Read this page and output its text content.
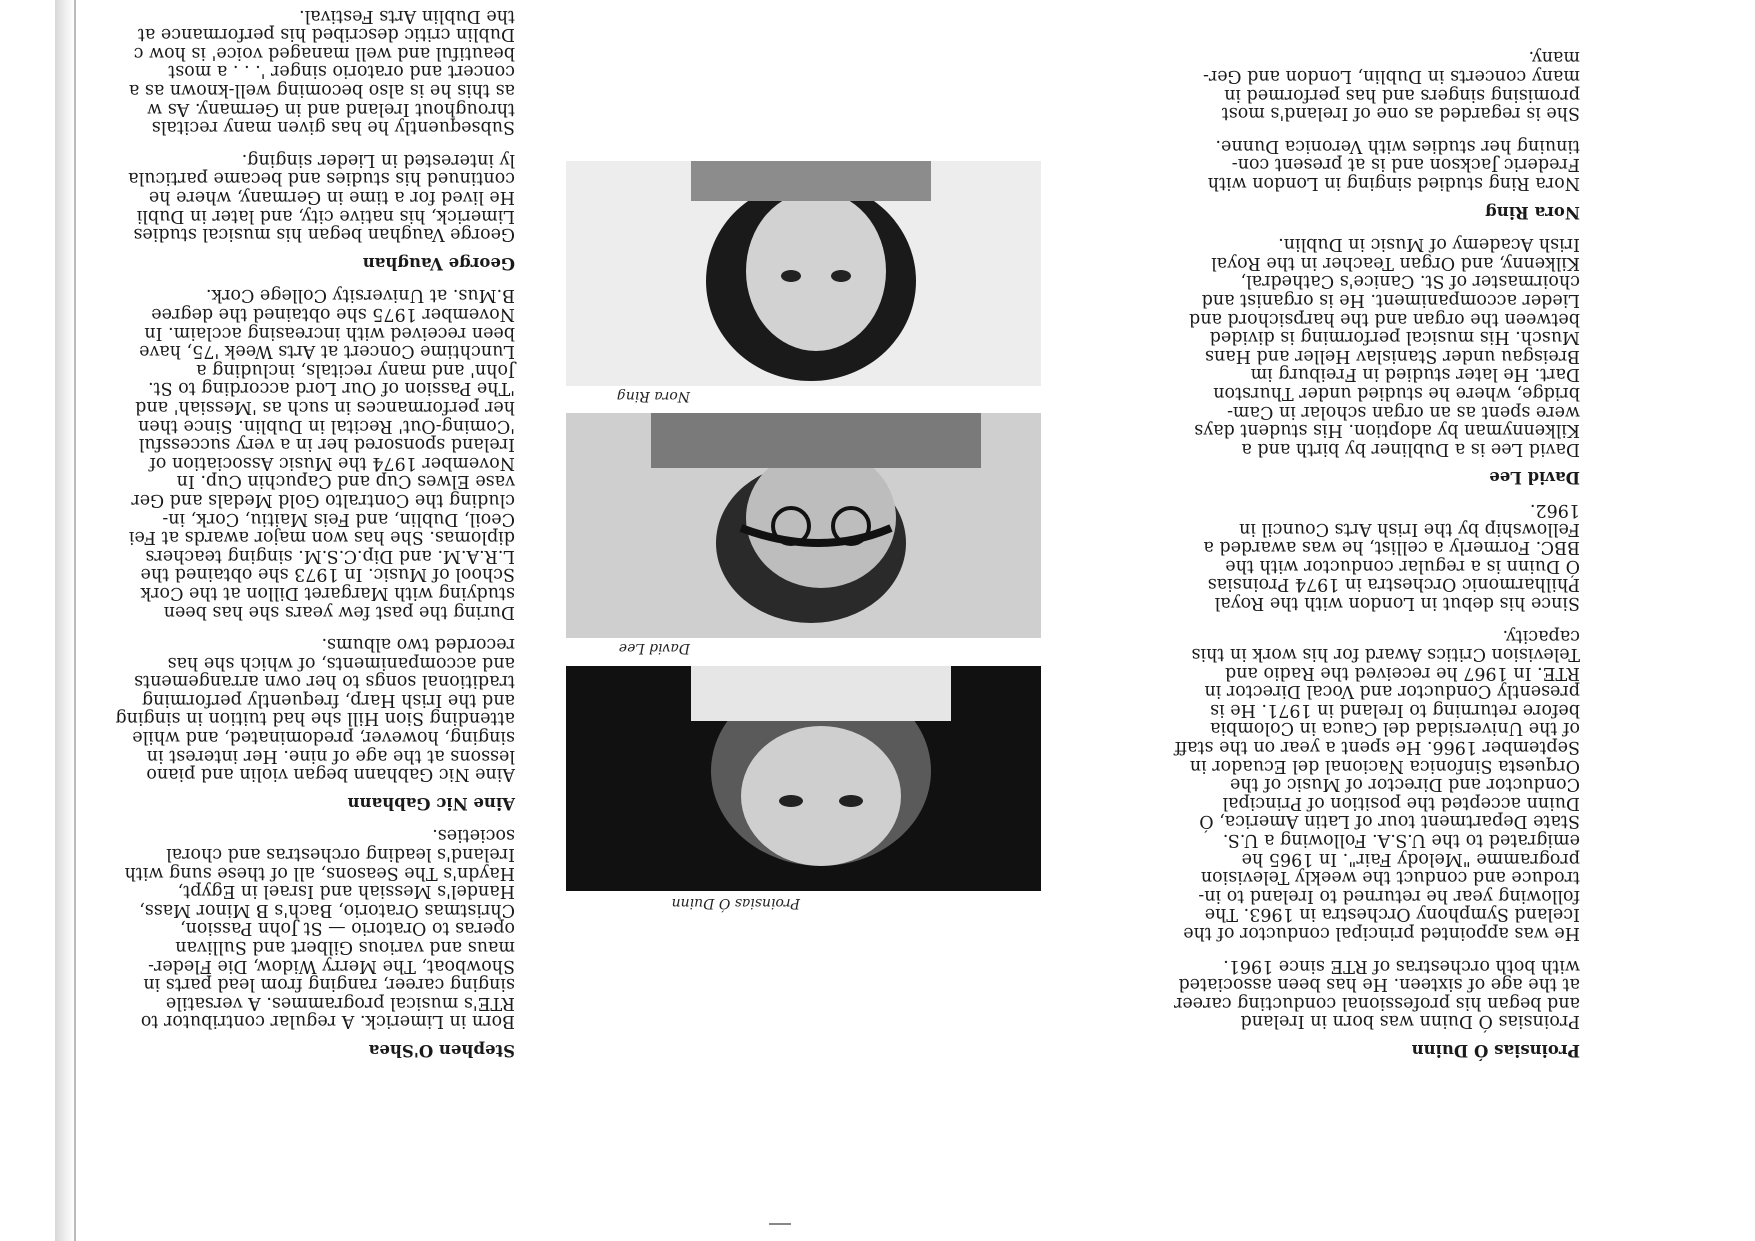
Proinsias Ó Duinn

Proinsias Ó Duinn was born in Ireland
and began his professional conducting career
at the age of sixteen. He has been associated
with both orchestras of RTE since 1961.

He was appointed principal conductor of the
Iceland Symphony Orchestra in 1963. The
following year he returned to Ireland to in-
troduce and conduct the weekly Television
programme "Melody Fair". In 1965 he
emigrated to the U.S.A. Following a U.S.
State Department tour of Latin America, Ó
Duinn accepted the position of Principal
Conductor and Director of Music of the
Orquesta Sinfonica Nacional del Ecuador in
September 1966. He spent a year on the staff
of the Universidad del Cauca in Colombia
before returning to Ireland in 1971. He is
presently Conductor and Vocal Director in
RTE. In 1967 he received the Radio and
Television Critics Award for his work in this
capacity.

Since his debut in London with the Royal
Philharmonic Orchestra in 1974 Proinsias
Ó Duinn is a regular conductor with the
BBC. Formerly a cellist, he was awarded a
Fellowship by the Irish Arts Council in
1962.

David Lee

David Lee is a Dubliner by birth and a
Kilkennyman by adoption. His student days
were spent as an organ scholar in Cam-
bridge, where he studied under Thurston
Dart. He later studied in Freiburg im
Breisgau under Stanislav Heller and Hans
Musch. His musical performing is divided
between the organ and the harpsichord and
Lieder accompaniment. He is organist and
choirmaster of St. Canice's Cathedral,
Kilkenny, and Organ Teacher in the Royal
Irish Academy of Music in Dublin.

Nora Ring

Nora Ring studied singing in London with
Frederic Jackson and is at present con-
tinuing her studies with Veronica Dunne.

She is regarded as one of Ireland's most
promising singers and has performed in
many concerts in Dublin, London and Ger-
many.

Proinsias Ó Duinn
David Lee
Nora Ring
Stephen O'Shea

Born in Limerick. A regular contributor to
RTE's musical programmes. A versatile
singing career, ranging from lead parts in
Showboat, The Merry Widow, Die Fleder-
maus and various Gilbert and Sullivan
operas to Oratorio — St John Passion,
Christmas Oratorio, Bach's B Minor Mass,
Handel's Messiah and Israel in Egypt,
Haydn's The Seasons, all of these sung with
Ireland's leading orchestras and choral
societies.

Aine Nic Gabhann

Aine Nic Gabhann began violin and piano
lessons at the age of nine. Her interest in
singing, however, predominated, and while
attending Sion Hill she had tuition in singing
and the Irish Harp, frequently performing
traditional songs to her own arrangements
and accompaniments, of which she has
recorded two albums.

During the past few years she has been
studying with Margaret Dillon at the Cork
School of Music. In 1973 she obtained the
L.R.A.M. and Dip.C.S.M. singing teachers
diplomas. She has won major awards at Fei
Ceoil, Dublin, and Feis Maitiu, Cork, in-
cluding the Contralto Gold Medals and Ger
vase Elwes Cup and Capuchin Cup. In
November 1974 the Music Association of
Ireland sponsored her in a very successful
'Coming-Out' Recital in Dublin. Since then
her performances in such as 'Messiah' and
'The Passion of Our Lord according to St.
John' and many recitals, including a
Lunchtime Concert at Arts Week '75, have
been received with increasing acclaim. In
November 1975 she obtained the degree
B.Mus. at University College Cork.

George Vaughan

George Vaughan began his musical studies
Limerick, his native city, and later in Dubli
He lived for a time in Germany, where he
continued his studies and became particula
ly interested in Lieder singing.

Subsequently he has given many recitals
throughout Ireland and in Germany. As w
as this he is also becoming well-known as a
concert and oratorio singer '. . . a most
beautiful and well managed voice' is how c
Dublin critic described his performance at
the Dublin Arts Festival.
